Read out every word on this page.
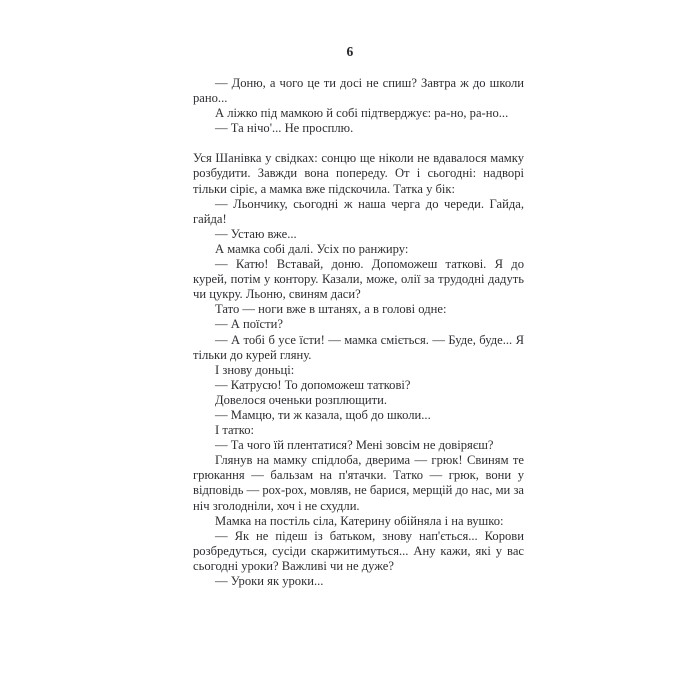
6

— Доню, а чого це ти досі не спиш? Завтра ж до школи рано...

А ліжко під мамкою й собі підтверджує: ра-но, ра-но...

— Та нічо'... Не просплю.

Уся Шанівка у свідках: сонцю ще ніколи не вдавалося мамку розбудити. Завжди вона попереду. От і сьогодні: надворі тільки сіріє, а мамка вже підскочила. Татка у бік:

— Льончику, сьогодні ж наша черга до череди. Гайда, гайда!

— Устаю вже...

А мамка собі далі. Усіх по ранжиру:

— Катю! Вставай, доню. Допоможеш таткові. Я до курей, потім у контору. Казали, може, олії за трудодні дадуть чи цукру. Льоню, свиням даси?

Тато — ноги вже в штанях, а в голові одне:

— А поїсти?

— А тобі б усе їсти! — мамка сміється. — Буде, буде... Я тільки до курей гляну.

І знову доньці:

— Катрусю! То допоможеш таткові?

Довелося оченьки розплющити.

— Мамцю, ти ж казала, щоб до школи...

І татко:

— Та чого їй плентатися? Мені зовсім не довіряєш?

Глянув на мамку спідлоба, дверима — грюк! Свиням те грюкання — бальзам на п'ятачки. Татко — грюк, вони у відповідь — рох-рох, мовляв, не барися, мерщій до нас, ми за ніч зголодніли, хоч і не схудли.

Мамка на постіль сіла, Катерину обійняла і на вушко:

— Як не підеш із батьком, знову нап'ється... Корови розбредуться, сусіди скаржитимуться... Ану кажи, які у вас сьогодні уроки? Важливі чи не дуже?

— Уроки як уроки...
